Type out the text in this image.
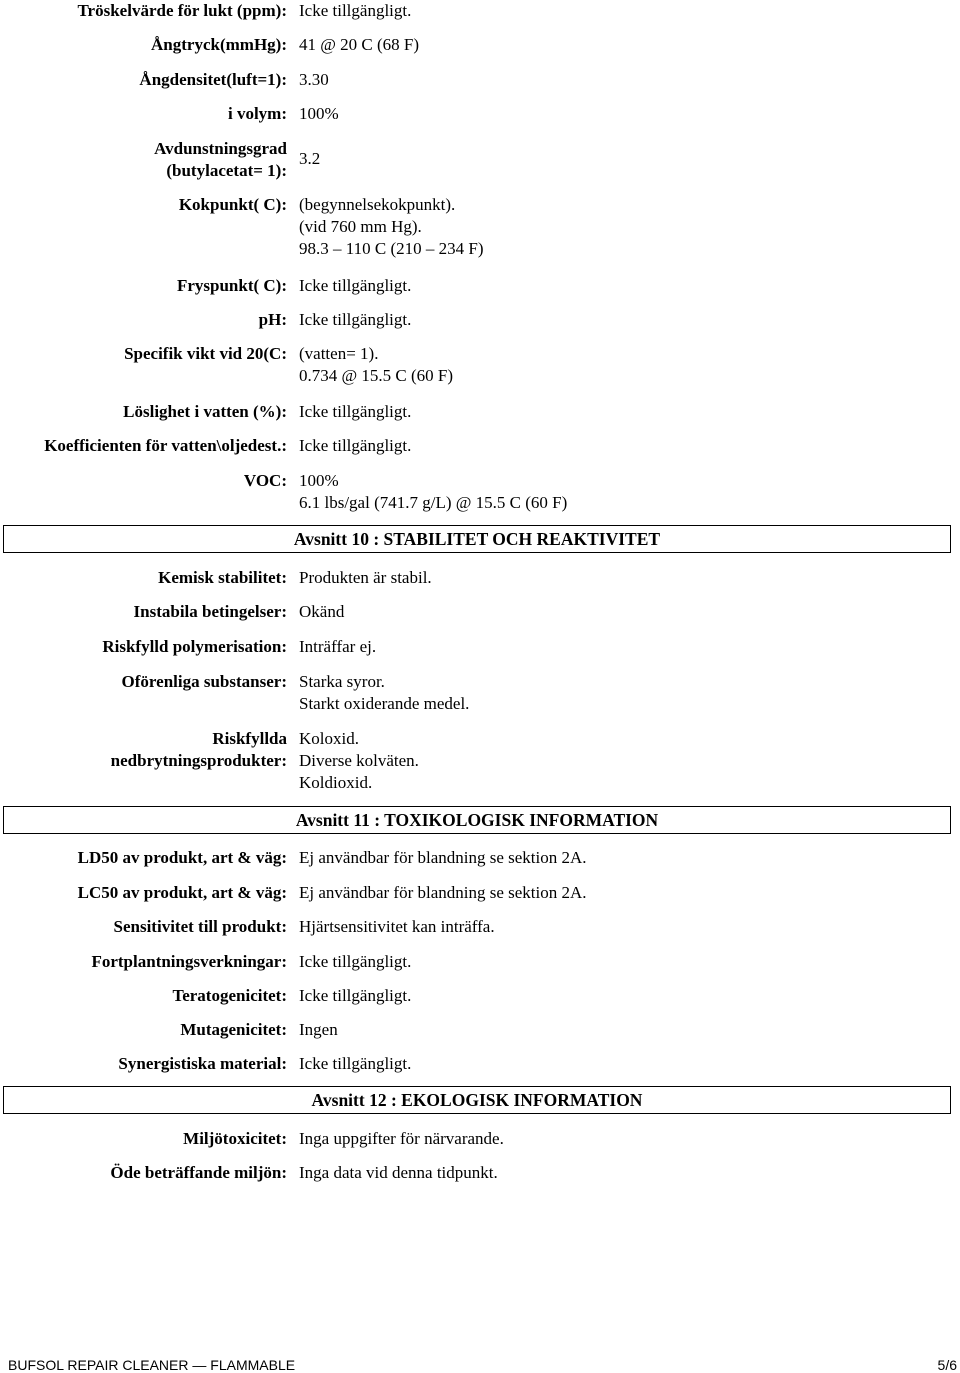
Tröskelvärde för lukt (ppm): Icke tillgängligt.
Ångtryck(mmHg): 41 @ 20 C (68 F)
Ångdensitet(luft=1): 3.30
i volym: 100%
Avdunstningsgrad
(butylacetat= 1):
3.2
Kokpunkt( C): (begynnelsekokpunkt).
(vid 760 mm Hg).
98.3 – 110 C (210 – 234 F)
Fryspunkt( C): Icke tillgängligt.
pH: Icke tillgängligt.
Specifik vikt vid 20(C: (vatten= 1).
0.734 @ 15.5 C (60 F)
Löslighet i vatten (%): Icke tillgängligt.
Koefficienten för vatten\oljedest.: Icke tillgängligt.
VOC: 100%
6.1 lbs/gal (741.7 g/L) @ 15.5 C (60 F)
Avsnitt 10 : STABILITET OCH REAKTIVITET
Kemisk stabilitet: Produkten är stabil.
Instabila betingelser: Okänd
Riskfylld polymerisation: Inträffar ej.
Oförenliga substanser: Starka syror.
Starkt oxiderande medel.
Riskfyllda
nedbrytningsprodukter:
Koloxid.
Diverse kolväten.
Koldioxid.
Avsnitt 11 : TOXIKOLOGISK INFORMATION
LD50 av produkt, art & väg: Ej användbar för blandning se sektion 2A.
LC50 av produkt, art & väg: Ej användbar för blandning se sektion 2A.
Sensitivitet till produkt: Hjärtsensitivitet kan inträffa.
Fortplantningsverkningar: Icke tillgängligt.
Teratogenicitet: Icke tillgängligt.
Mutagenicitet: Ingen
Synergistiska material: Icke tillgängligt.
Avsnitt 12 : EKOLOGISK INFORMATION
Miljötoxicitet: Inga uppgifter för närvarande.
Öde beträffande miljön: Inga data vid denna tidpunkt.
BUFSOL REPAIR CLEANER — FLAMMABLE	5/6
